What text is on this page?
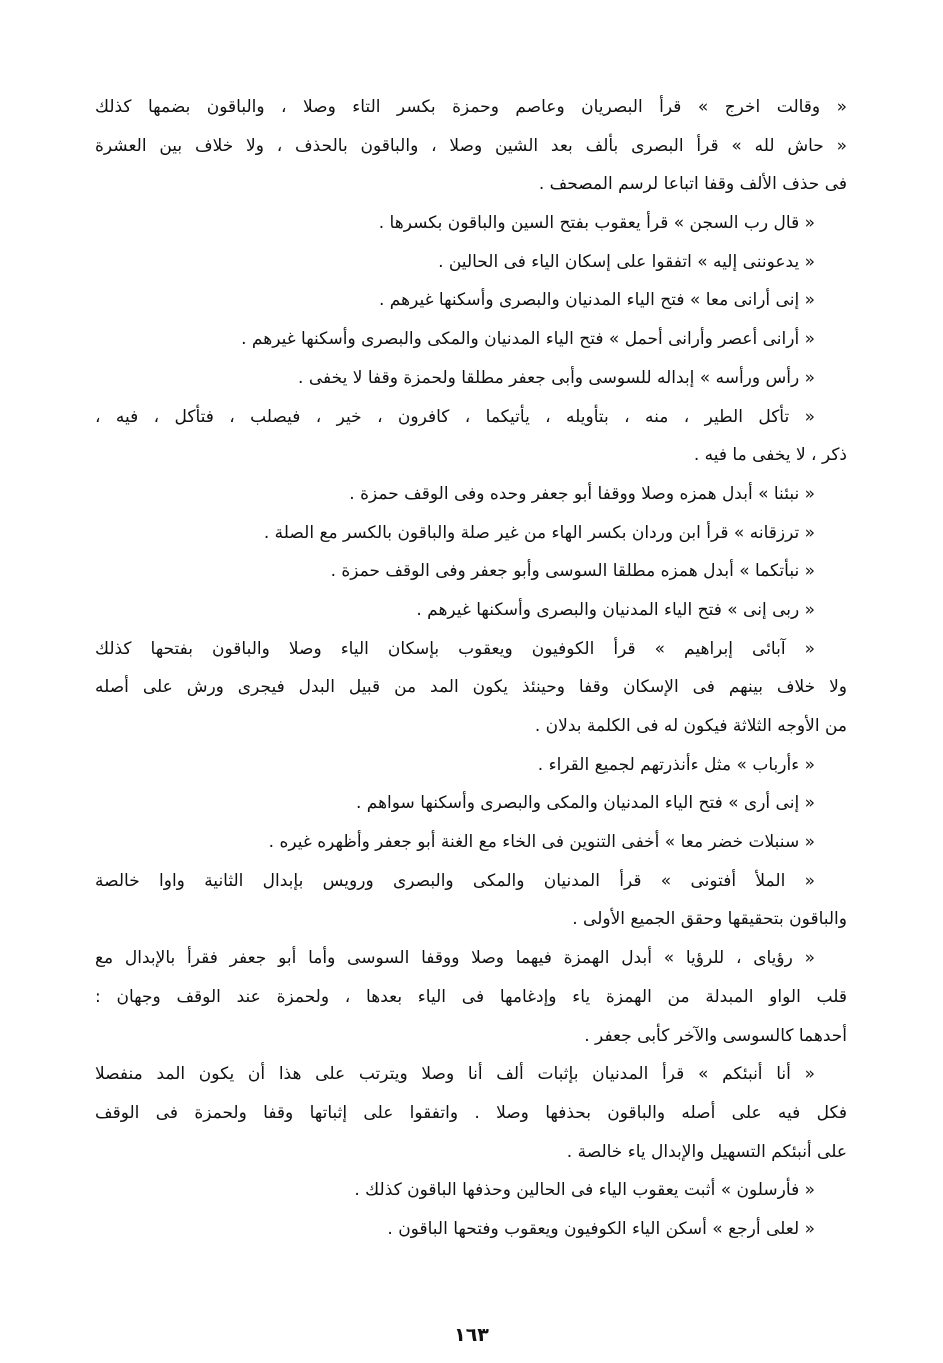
« وقالت اخرج » قرأ البصريان وعاصم وحمزة بكسر التاء وصلا ، والباقون بضمها كذلك
« حاش لله » قرأ البصرى بألف بعد الشين وصلا ، والباقون بالحذف ، ولا خلاف بين العشرة
فى حذف الألف وقفا اتباعا لرسم المصحف .
« قال رب السجن » قرأ يعقوب بفتح السين والباقون بكسرها .
« يدعوننى إليه » اتفقوا على إسكان الياء فى الحالين .
« إنى أرانى معا » فتح الياء المدنيان والبصرى وأسكنها غيرهم .
« أرانى أعصر وأرانى أحمل » فتح الياء المدنيان والمكى والبصرى وأسكنها غيرهم .
« رأس ورأسه » إبداله للسوسى وأبى جعفر مطلقا ولحمزة وقفا لا يخفى .
« تأكل الطير ، منه ، بتأويله ، يأتيكما ، كافرون ، خير ، فيصلب ، فتأكل ، فيه ،
ذكر ، لا يخفى ما فيه .
« نبئنا » أبدل همزه وصلا ووقفا أبو جعفر وحده وفى الوقف حمزة .
« ترزقانه » قرأ ابن وردان بكسر الهاء من غير صلة والباقون بالكسر مع الصلة .
« نبأتكما » أبدل همزه مطلقا السوسى وأبو جعفر وفى الوقف حمزة .
« ربى إنى » فتح الياء المدنيان والبصرى وأسكنها غيرهم .
« آبائى إبراهيم » قرأ الكوفيون ويعقوب بإسكان الياء وصلا والباقون بفتحها كذلك
ولا خلاف بينهم فى الإسكان وقفا وحينئذ يكون المد من قبيل البدل فيجرى ورش على أصله
من الأوجه الثلاثة فيكون له فى الكلمة بدلان .
« ءأرباب » مثل ءأنذرتهم لجميع القراء .
« إنى أرى » فتح الياء المدنيان والمكى والبصرى وأسكنها سواهم .
« سنبلات خضر معا » أخفى التنوين فى الخاء مع الغنة أبو جعفر وأظهره غيره .
« الملأ أفتونى » قرأ المدنيان والمكى والبصرى ورويس بإبدال الثانية واوا خالصة
والباقون بتحقيقها وحقق الجميع الأولى .
« رؤياى ، للرؤيا » أبدل الهمزة فيهما وصلا ووقفا السوسى وأما أبو جعفر فقرأ بالإبدال مع
قلب الواو المبدلة من الهمزة ياء وإدغامها فى الياء بعدها ، ولحمزة عند الوقف وجهان :
أحدهما كالسوسى والآخر كأبى جعفر .
« أنا أنبئكم » قرأ المدنيان بإثبات ألف أنا وصلا ويترتب على هذا أن يكون المد منفصلا
فكل فيه على أصله والباقون بحذفها وصلا . واتفقوا على إثباتها وقفا ولحمزة فى الوقف
على أنبئكم التسهيل والإبدال ياء خالصة .
« فأرسلون » أثبت يعقوب الياء فى الحالين وحذفها الباقون كذلك .
« لعلى أرجع » أسكن الياء الكوفيون ويعقوب وفتحها الباقون .
١٦٣
